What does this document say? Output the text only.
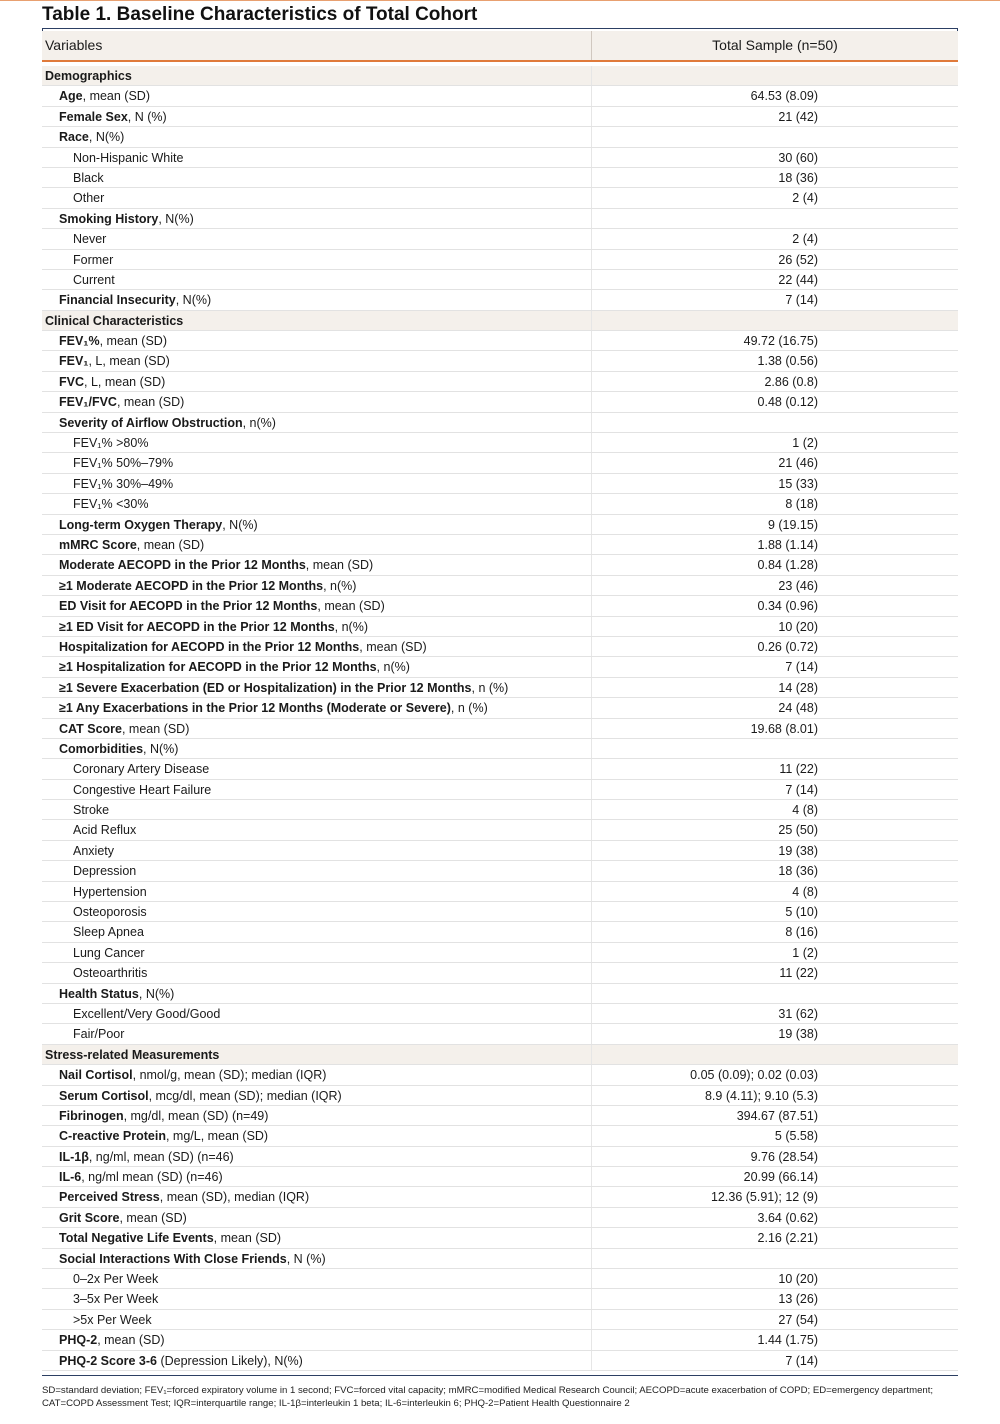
Table 1. Baseline Characteristics of Total Cohort
Variables	Total Sample (n=50)
Demographics
Age, mean (SD)	64.53 (8.09)
Female Sex, N (%)	21 (42)
Race, N(%)
Non-Hispanic White	30 (60)
Black	18 (36)
Other	2 (4)
Smoking History, N(%)
Never	2 (4)
Former	26 (52)
Current	22 (44)
Financial Insecurity, N(%)	7 (14)
Clinical Characteristics
FEV₁%, mean (SD)	49.72 (16.75)
FEV₁, L, mean (SD)	1.38 (0.56)
FVC, L, mean (SD)	2.86 (0.8)
FEV₁/FVC, mean (SD)	0.48 (0.12)
Severity of Airflow Obstruction, n(%)
FEV₁% >80%	1 (2)
FEV₁% 50%–79%	21 (46)
FEV₁% 30%–49%	15 (33)
FEV₁% <30%	8 (18)
Long-term Oxygen Therapy, N(%)	9 (19.15)
mMRC Score, mean (SD)	1.88 (1.14)
Moderate AECOPD in the Prior 12 Months, mean (SD)	0.84 (1.28)
≥1 Moderate AECOPD in the Prior 12 Months, n(%)	23 (46)
ED Visit for AECOPD in the Prior 12 Months, mean (SD)	0.34 (0.96)
≥1 ED Visit for AECOPD in the Prior 12 Months, n(%)	10 (20)
Hospitalization for AECOPD in the Prior 12 Months, mean (SD)	0.26 (0.72)
≥1 Hospitalization for AECOPD in the Prior 12 Months, n(%)	7 (14)
≥1 Severe Exacerbation (ED or Hospitalization) in the Prior 12 Months, n (%)	14 (28)
≥1 Any Exacerbations in the Prior 12 Months (Moderate or Severe), n (%)	24 (48)
CAT Score, mean (SD)	19.68 (8.01)
Comorbidities, N(%)
Coronary Artery Disease	11 (22)
Congestive Heart Failure	7 (14)
Stroke	4 (8)
Acid Reflux	25 (50)
Anxiety	19 (38)
Depression	18 (36)
Hypertension	4 (8)
Osteoporosis	5 (10)
Sleep Apnea	8 (16)
Lung Cancer	1 (2)
Osteoarthritis	11 (22)
Health Status, N(%)
Excellent/Very Good/Good	31 (62)
Fair/Poor	19 (38)
Stress-related Measurements
Nail Cortisol, nmol/g, mean (SD); median (IQR)	0.05 (0.09); 0.02 (0.03)
Serum Cortisol, mcg/dl, mean (SD); median (IQR)	8.9 (4.11); 9.10 (5.3)
Fibrinogen, mg/dl, mean (SD) (n=49)	394.67 (87.51)
C-reactive Protein, mg/L, mean (SD)	5 (5.58)
IL-1β, ng/ml, mean (SD) (n=46)	9.76 (28.54)
IL-6, ng/ml mean (SD) (n=46)	20.99 (66.14)
Perceived Stress, mean (SD), median (IQR)	12.36 (5.91); 12 (9)
Grit Score, mean (SD)	3.64 (0.62)
Total Negative Life Events, mean (SD)	2.16 (2.21)
Social Interactions With Close Friends, N (%)
0–2x Per Week	10 (20)
3–5x Per Week	13 (26)
>5x Per Week	27 (54)
PHQ-2, mean (SD)	1.44 (1.75)
PHQ-2 Score 3-6 (Depression Likely), N(%)	7 (14)
SD=standard deviation; FEV₁=forced expiratory volume in 1 second; FVC=forced vital capacity; mMRC=modified Medical Research Council; AECOPD=acute exacerbation of COPD; ED=emergency department; CAT=COPD Assessment Test; IQR=interquartile range; IL-1β=interleukin 1 beta; IL-6=interleukin 6; PHQ-2=Patient Health Questionnaire 2
